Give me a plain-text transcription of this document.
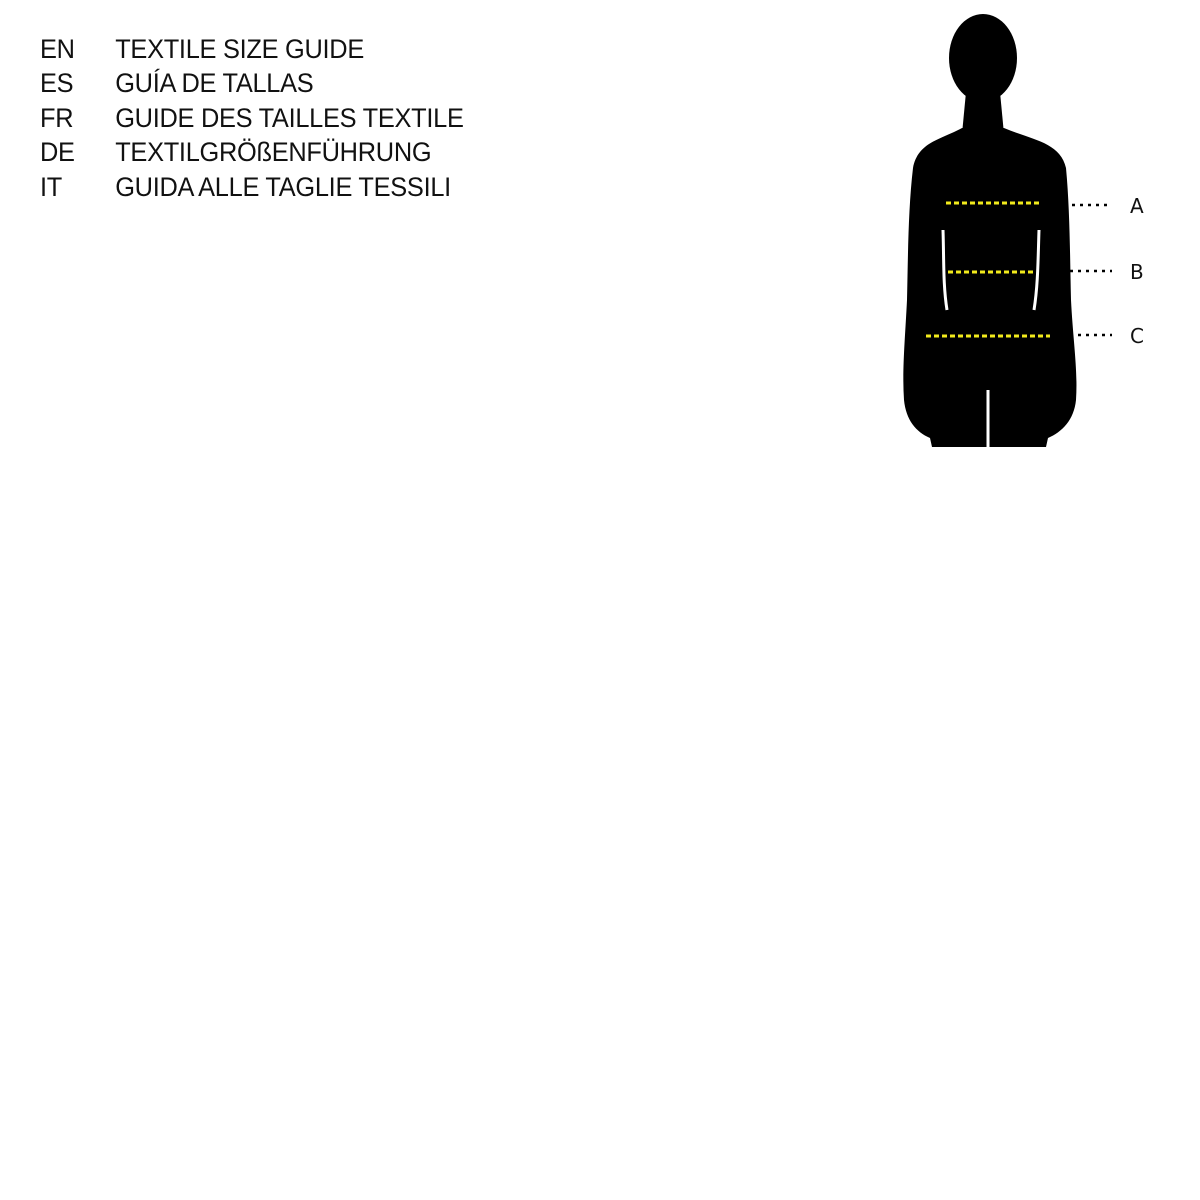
EN	TEXTILE SIZE GUIDE
ES	GUÍA DE TALLAS
FR	GUIDE DES TAILLES TEXTILE
DE	TEXTILGRÖßENFÜHRUNG
IT	GUIDA ALLE TAGLIE TESSILI
A
B
C
